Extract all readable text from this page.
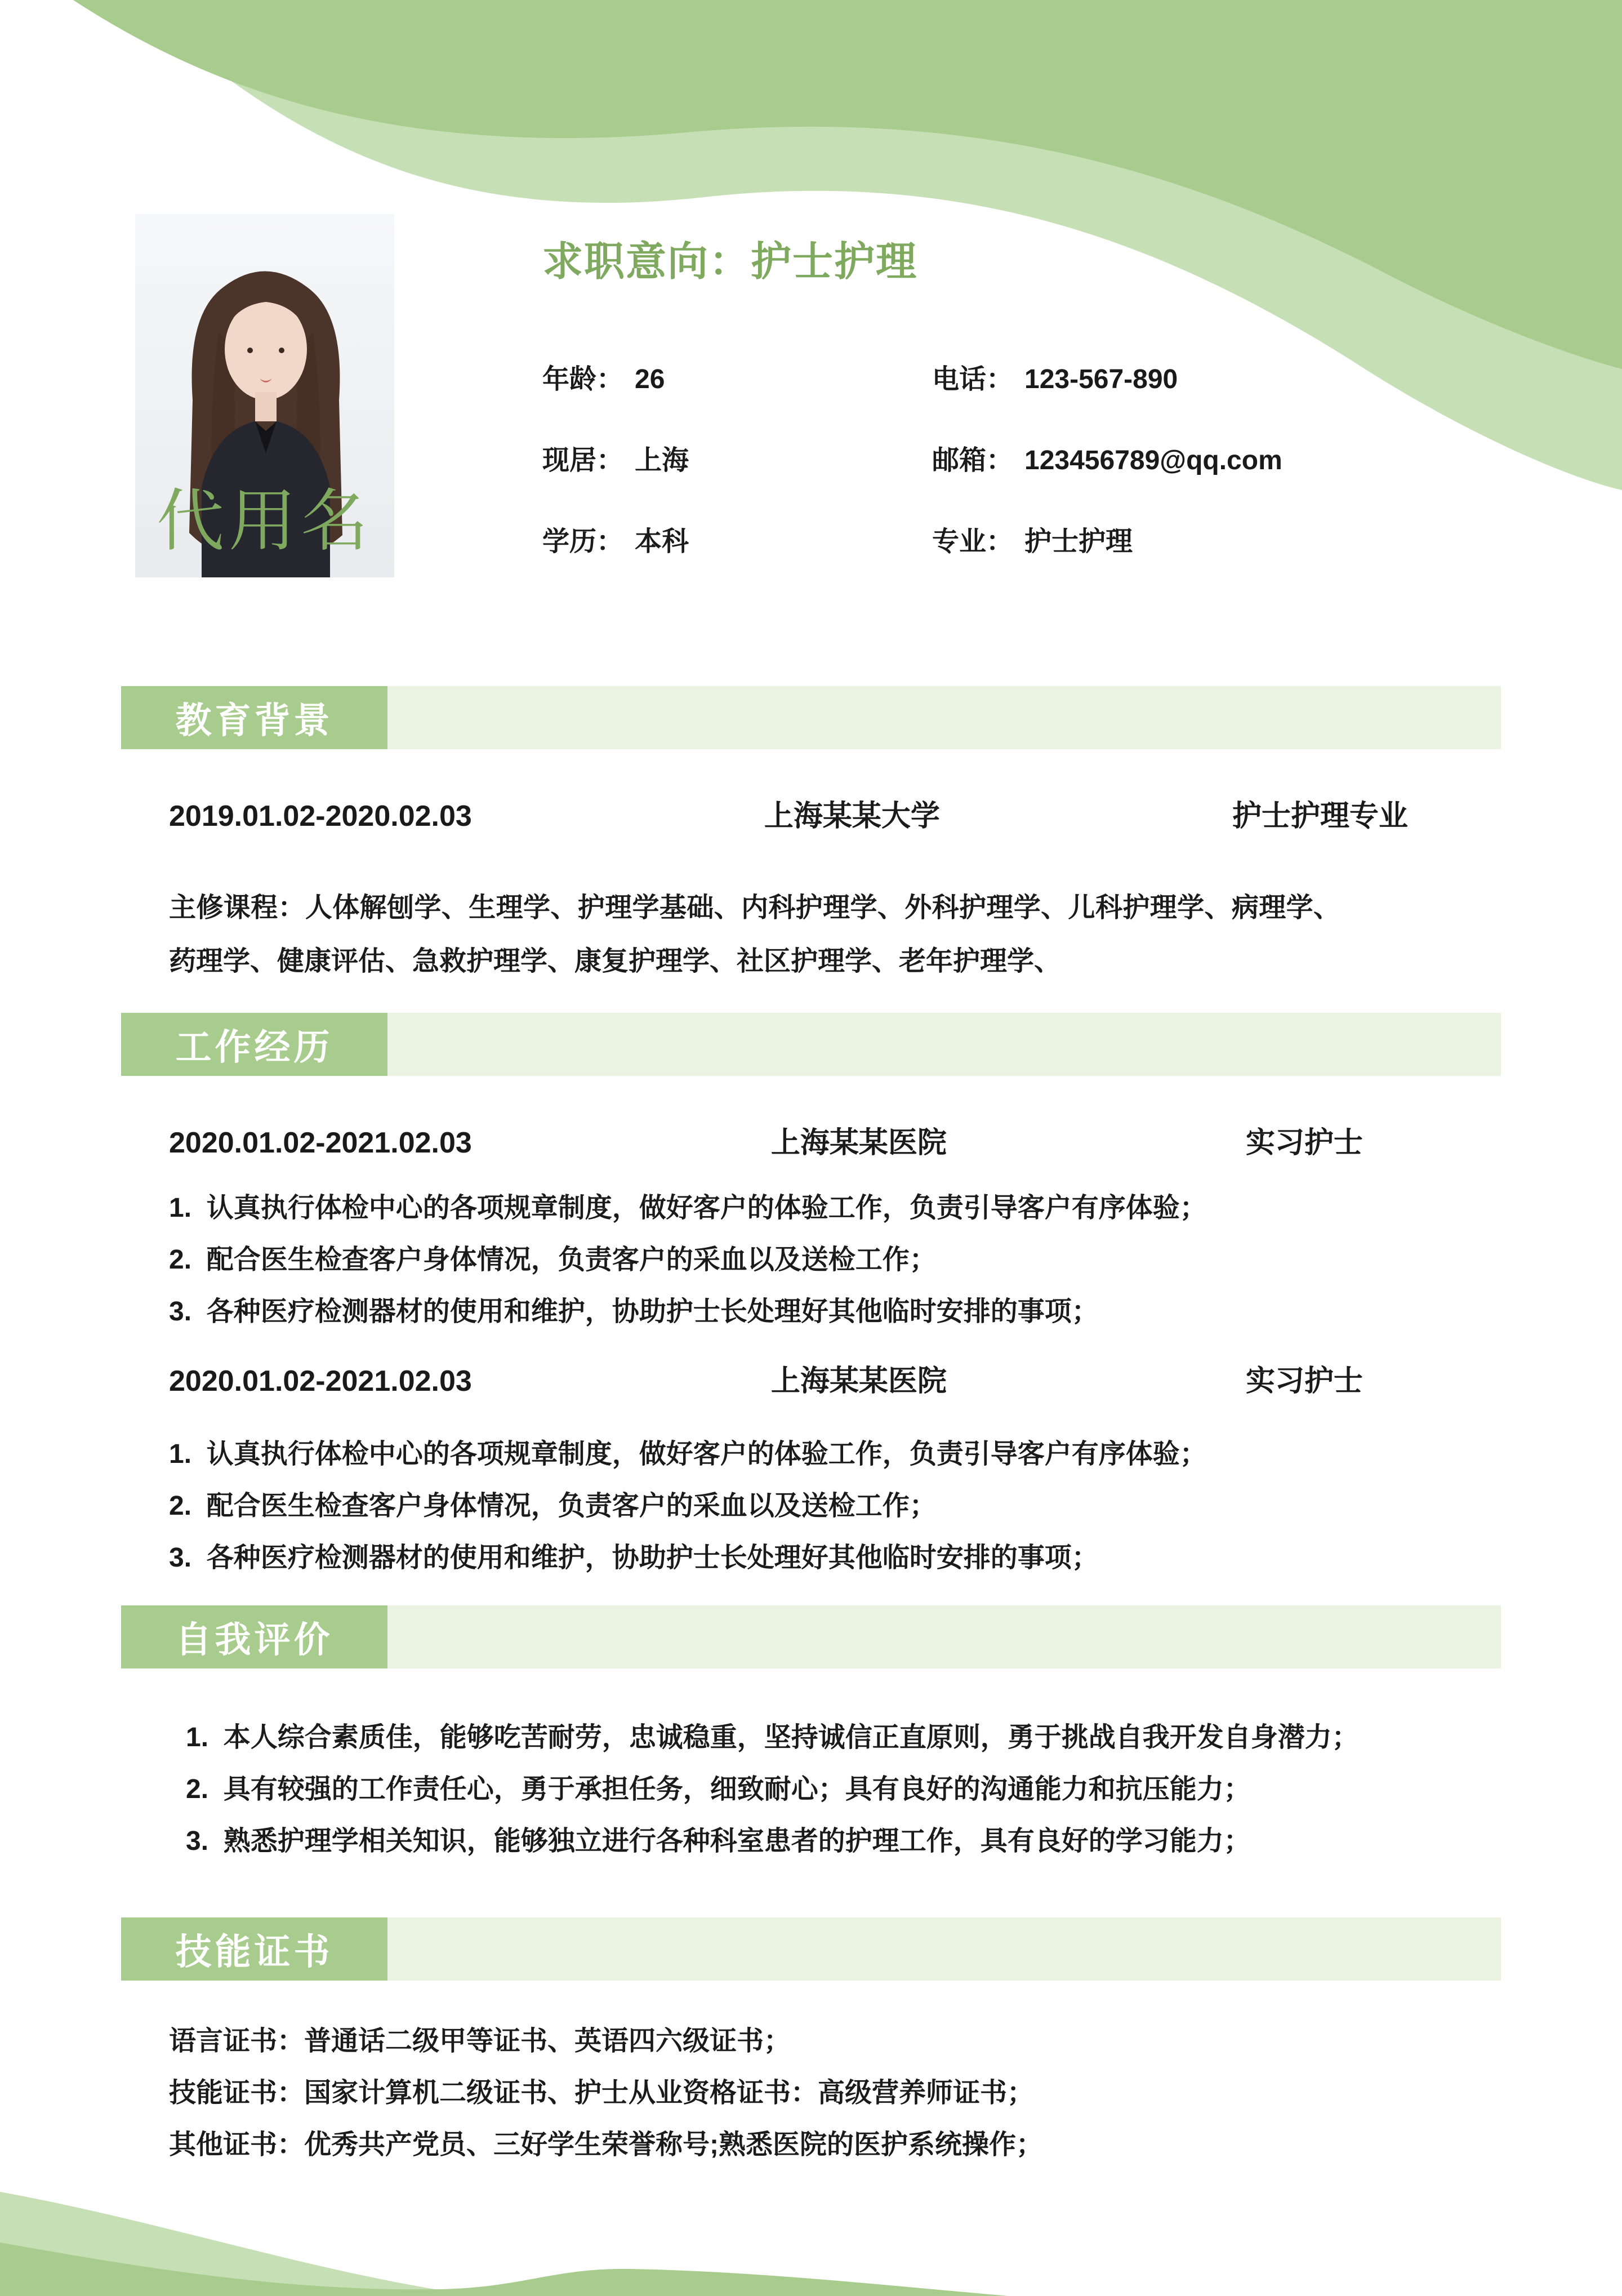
代用名
求职意向：护士护理
年龄： 26	电话： 123-567-890
现居： 上海	邮箱： 123456789@qq.com
学历： 本科	专业： 护士护理
教育背景
2019.01.02-2020.02.03	上海某某大学	护士护理专业

主修课程：人体解刨学、生理学、护理学基础、内科护理学、外科护理学、儿科护理学、病理学、药理学、健康评估、急救护理学、康复护理学、社区护理学、老年护理学、

工作经历
2020.01.02-2021.02.03	上海某某医院	实习护士
认真执行体检中心的各项规章制度，做好客户的体验工作，负责引导客户有序体验；
配合医生检查客户身体情况，负责客户的采血以及送检工作；
各种医疗检测器材的使用和维护，协助护士长处理好其他临时安排的事项；
2020.01.02-2021.02.03	上海某某医院	实习护士
认真执行体检中心的各项规章制度，做好客户的体验工作，负责引导客户有序体验；
配合医生检查客户身体情况，负责客户的采血以及送检工作；
各种医疗检测器材的使用和维护，协助护士长处理好其他临时安排的事项；
自我评价
本人综合素质佳，能够吃苦耐劳，忠诚稳重，坚持诚信正直原则，勇于挑战自我开发自身潜力；
具有较强的工作责任心，勇于承担任务，细致耐心；具有良好的沟通能力和抗压能力；
熟悉护理学相关知识，能够独立进行各种科室患者的护理工作，具有良好的学习能力；
技能证书

语言证书：普通话二级甲等证书、英语四六级证书；

技能证书：国家计算机二级证书、护士从业资格证书：高级营养师证书；

其他证书：优秀共产党员、三好学生荣誉称号;熟悉医院的医护系统操作；
